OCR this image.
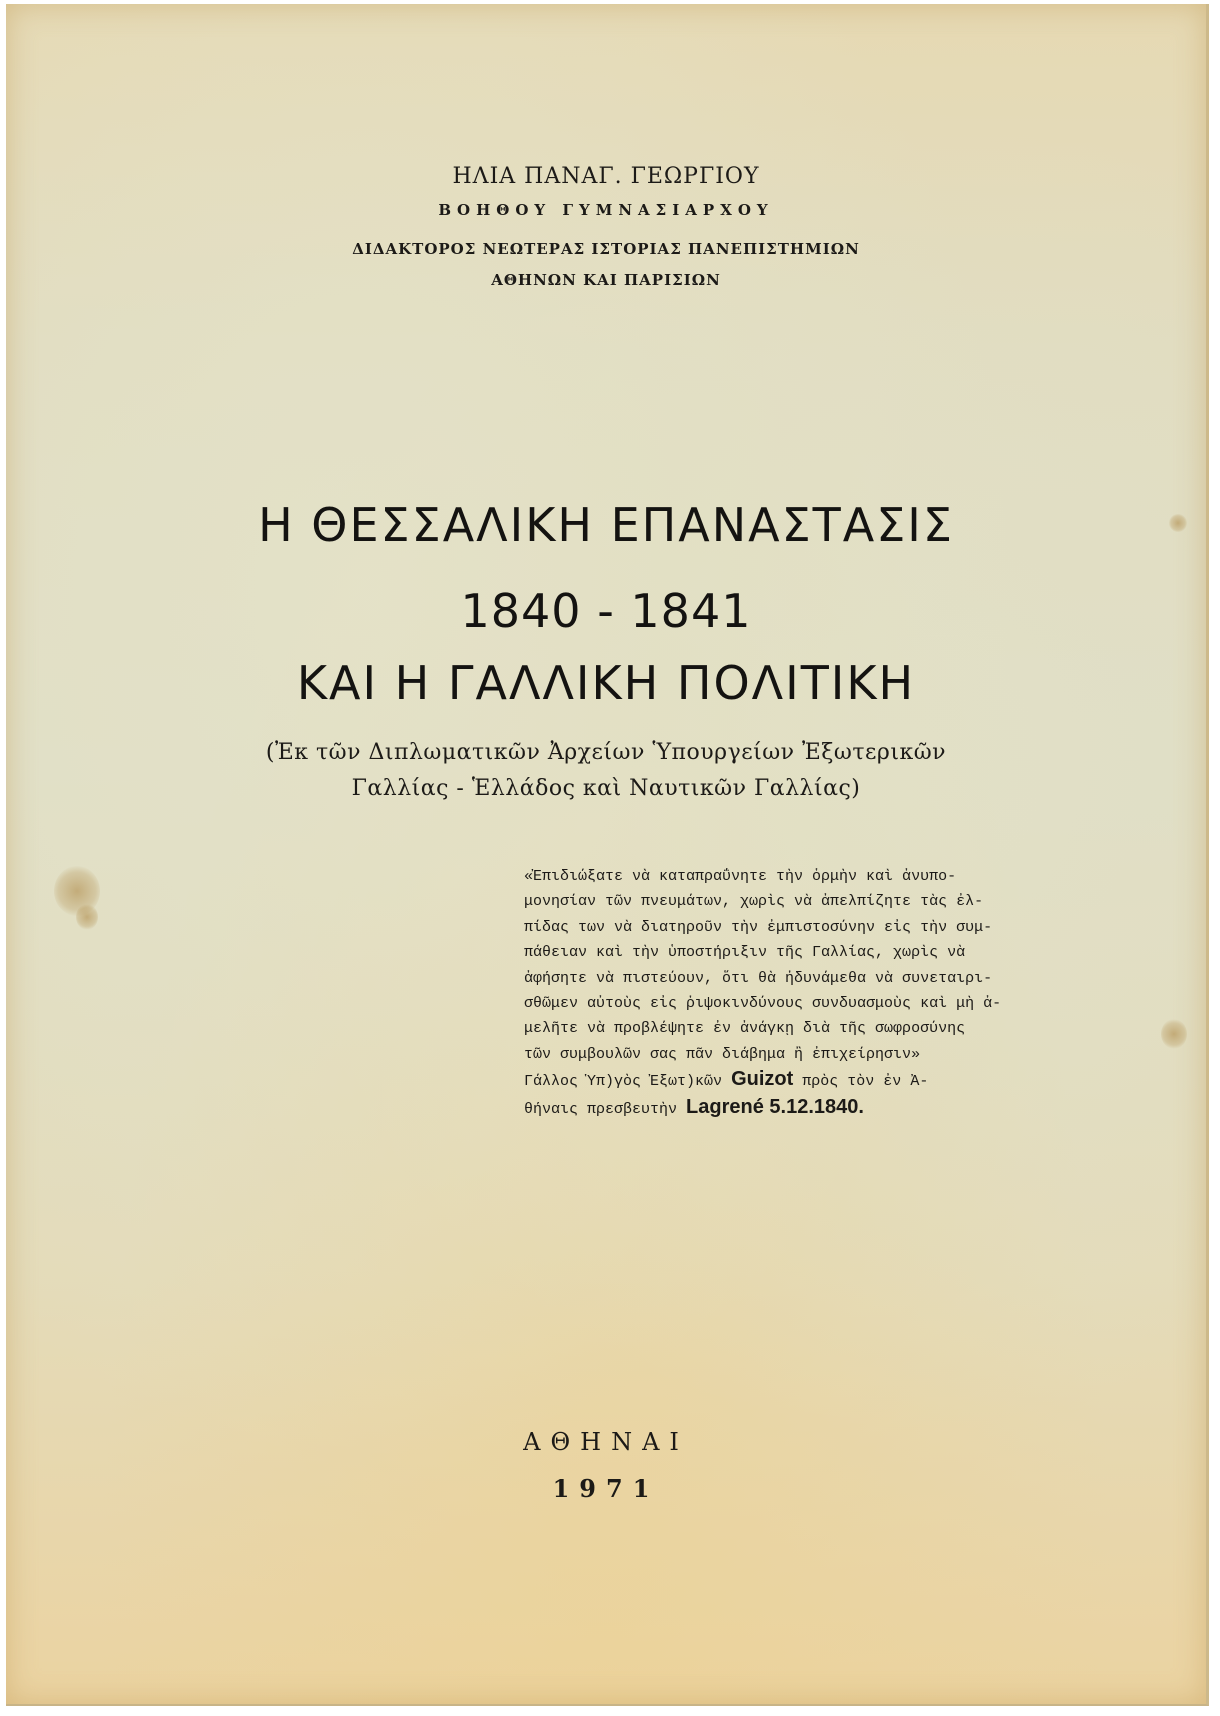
ΗΛΙΑ ΠΑΝΑΓ. ΓΕΩΡΓΙΟΥ
ΒΟΗΘΟΥ ΓΥΜΝΑΣΙΑΡΧΟΥ
ΔΙΔΑΚΤΟΡΟΣ ΝΕΩΤΕΡΑΣ ΙΣΤΟΡΙΑΣ ΠΑΝΕΠΙΣΤΗΜΙΩΝ
ΑΘΗΝΩΝ ΚΑΙ ΠΑΡΙΣΙΩΝ
Η ΘΕΣΣΑΛΙΚΗ ΕΠΑΝΑΣΤΑΣΙΣ
1840 - 1841
ΚΑΙ Η ΓΑΛΛΙΚΗ ΠΟΛΙΤΙΚΗ
(Ἐκ τῶν Διπλωματικῶν Ἀρχείων Ὑπουργείων Ἐξωτερικῶν
Γαλλίας - Ἑλλάδος καὶ Ναυτικῶν Γαλλίας)
«Ἐπιδιώξατε νὰ καταπραΰνητε τὴν ὁρμὴν καὶ ἀνυπο-
μονησίαν τῶν πνευμάτων, χωρὶς νὰ ἀπελπίζητε τὰς ἐλ-
πίδας των νὰ διατηροῦν τὴν ἐμπιστοσύνην εἰς τὴν συμ-
πάθειαν καὶ τὴν ὑποστήριξιν τῆς Γαλλίας, χωρὶς νὰ
ἀφήσητε νὰ πιστεύουν, ὅτι θὰ ἠδυνάμεθα νὰ συνεταιρι-
σθῶμεν αὐτοὺς εἰς ῥιψοκινδύνους συνδυασμοὺς καὶ μὴ ἀ-
μελῆτε νὰ προβλέψητε ἐν ἀνάγκῃ διὰ τῆς σωφροσύνης
τῶν συμβουλῶν σας πᾶν διάβημα ἢ ἐπιχείρησιν»
Γάλλος Ὑπ)γὸς Ἐξωτ)κῶν Guizot πρὸς τὸν ἐν Ἀ-
θήναις πρεσβευτὴν Lagrené 5.12.1840.
ΑΘΗΝΑΙ
1971
